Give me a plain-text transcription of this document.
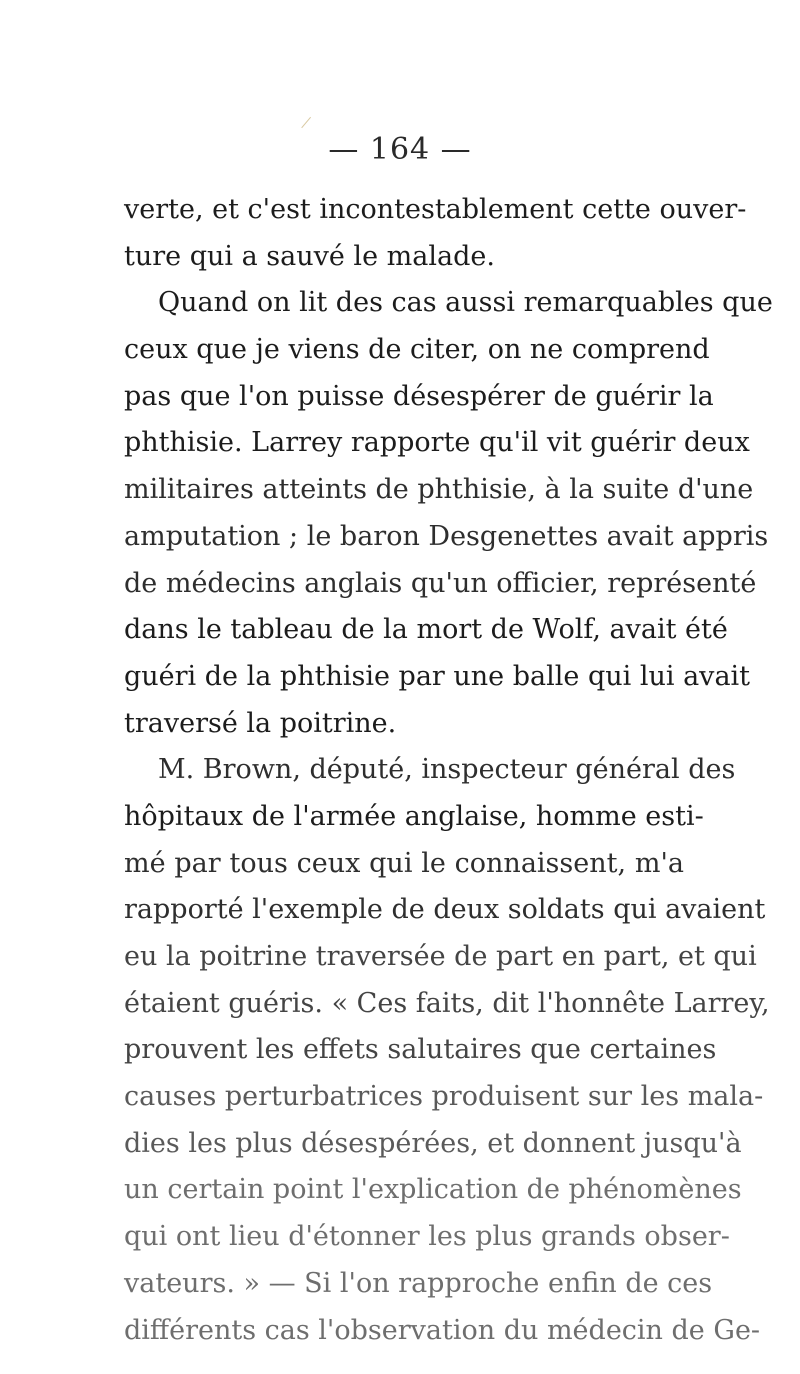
— 164 —
verte, et c'est incontestablement cette ouver-
ture qui a sauvé le malade.
Quand on lit des cas aussi remarquables que
ceux que je viens de citer, on ne comprend
pas que l'on puisse désespérer de guérir la
phthisie. Larrey rapporte qu'il vit guérir deux
militaires atteints de phthisie, à la suite d'une
amputation ; le baron Desgenettes avait appris
de médecins anglais qu'un officier, représenté
dans le tableau de la mort de Wolf, avait été
guéri de la phthisie par une balle qui lui avait
traversé la poitrine.
M. Brown, député, inspecteur général des
hôpitaux de l'armée anglaise, homme esti-
mé par tous ceux qui le connaissent, m'a
rapporté l'exemple de deux soldats qui avaient
eu la poitrine traversée de part en part, et qui
étaient guéris. « Ces faits, dit l'honnête Larrey,
prouvent les effets salutaires que certaines
causes perturbatrices produisent sur les mala-
dies les plus désespérées, et donnent jusqu'à
un certain point l'explication de phénomènes
qui ont lieu d'étonner les plus grands obser-
vateurs. » — Si l'on rapproche enfin de ces
différents cas l'observation du médecin de Ge-
